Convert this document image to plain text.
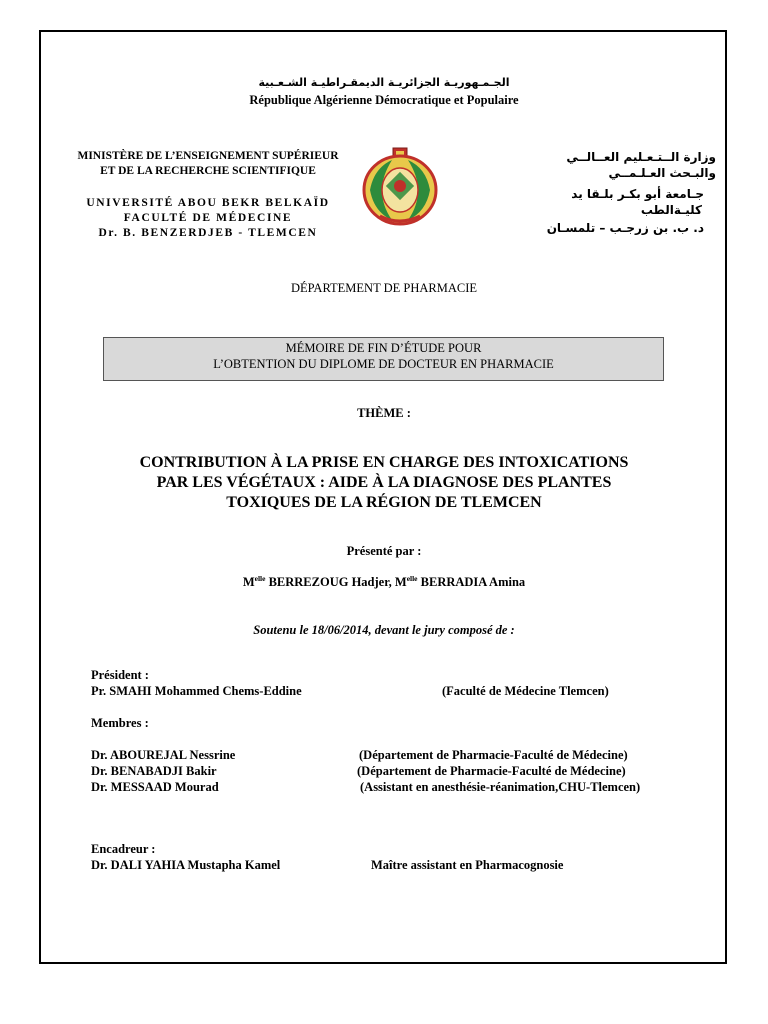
الجـمـهوريـة الجزائريـة الديمقـراطيـة الشـعـبية
République Algérienne Démocratique et Populaire
MINISTÈRE DE L’ENSEIGNEMENT SUPÉRIEUR
ET DE LA RECHERCHE SCIENTIFIQUE
UNIVERSITÉ ABOU BEKR BELKAÏD
FACULTÉ DE MÉDECINE
Dr. B. BENZERDJEB - TLEMCEN
وزارة الــتـعـليم العــالــي
والبـحث العـلـمــي
جـامعة أبو بكـر بلـقا يد
كليـةالطب
د. ب. بن زرجـب – تلمسـان
DÉPARTEMENT DE PHARMACIE
MÉMOIRE DE FIN D’ÉTUDE POUR
L’OBTENTION DU DIPLOME DE DOCTEUR EN PHARMACIE
THÈME :
CONTRIBUTION À LA PRISE EN CHARGE DES INTOXICATIONS
PAR LES VÉGÉTAUX : AIDE À LA DIAGNOSE DES PLANTES
TOXIQUES DE LA RÉGION DE TLEMCEN
Présenté par :
$M^{elle}$ BERREZOUG Hadjer, $M^{elle}$ BERRADIA Amina
Soutenu le 18/06/2014, devant le jury composé de :
Président :
Pr. SMAHI Mohammed Chems-Eddine	(Faculté de Médecine Tlemcen)
Membres :
Dr. ABOUREJAL Nessrine	(Département de Pharmacie-Faculté de Médecine)
Dr. BENABADJI Bakir	(Département de Pharmacie-Faculté de Médecine)
Dr. MESSAAD Mourad	(Assistant en anesthésie-réanimation,CHU-Tlemcen)
Encadreur :
Dr. DALI YAHIA Mustapha Kamel	Maître assistant en Pharmacognosie
